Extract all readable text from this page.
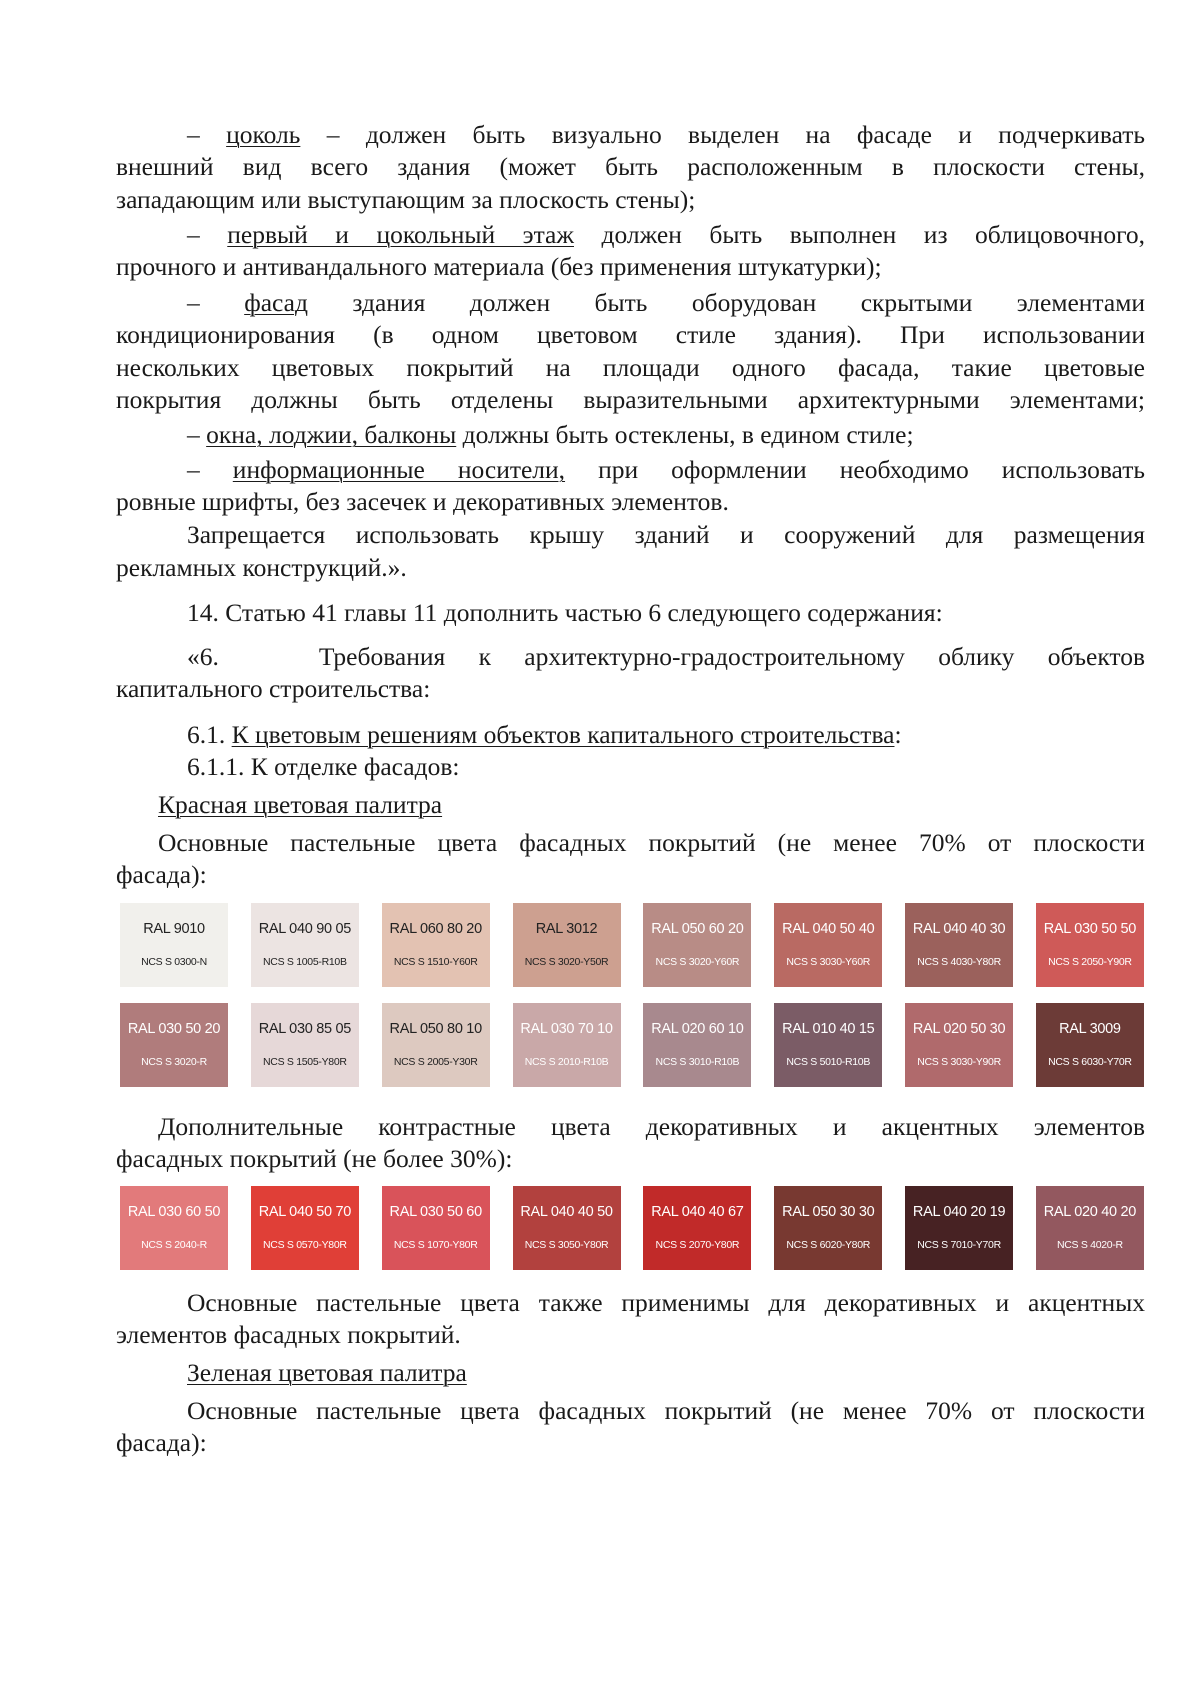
– цоколь – должен быть визуально выделен на фасаде и подчеркивать
внешний вид всего здания (может быть расположенным в плоскости стены,
западающим или выступающим за плоскость стены);
– первый и цокольный этаж должен быть выполнен из облицовочного,
прочного и антивандального материала (без применения штукатурки);
– фасад здания должен быть оборудован скрытыми элементами
кондиционирования (в одном цветовом стиле здания). При использовании
нескольких цветовых покрытий на площади одного фасада, такие цветовые
покрытия должны быть отделены выразительными архитектурными элементами;
– окна, лоджии, балконы должны быть остеклены, в едином стиле;
– информационные носители, при оформлении необходимо использовать
ровные шрифты, без засечек и декоративных элементов.
Запрещается использовать крышу зданий и сооружений для размещения
рекламных конструкций.».
14. Статью 41 главы 11 дополнить частью 6 следующего содержания:
«6.   Требования к архитектурно-градостроительному облику объектов
капитального строительства:
6.1. К цветовым решениям объектов капитального строительства:
6.1.1. К отделке фасадов:
Красная цветовая палитра
Основные пастельные цвета фасадных покрытий (не менее 70% от плоскости
фасада):
RAL 9010
NCS S 0300-N
RAL 040 90 05
NCS S 1005-R10B
RAL 060 80 20
NCS S 1510-Y60R
RAL 3012
NCS S 3020-Y50R
RAL 050 60 20
NCS S 3020-Y60R
RAL 040 50 40
NCS S 3030-Y60R
RAL 040 40 30
NCS S 4030-Y80R
RAL 030 50 50
NCS S 2050-Y90R
RAL 030 50 20
NCS S 3020-R
RAL 030 85 05
NCS S 1505-Y80R
RAL 050 80 10
NCS S 2005-Y30R
RAL 030 70 10
NCS S 2010-R10B
RAL 020 60 10
NCS S 3010-R10B
RAL 010 40 15
NCS S 5010-R10B
RAL 020 50 30
NCS S 3030-Y90R
RAL 3009
NCS S 6030-Y70R
Дополнительные контрастные цвета декоративных и акцентных элементов
фасадных покрытий (не более 30%):
RAL 030 60 50
NCS S 2040-R
RAL 040 50 70
NCS S 0570-Y80R
RAL 030 50 60
NCS S 1070-Y80R
RAL 040 40 50
NCS S 3050-Y80R
RAL 040 40 67
NCS S 2070-Y80R
RAL 050 30 30
NCS S 6020-Y80R
RAL 040 20 19
NCS S 7010-Y70R
RAL 020 40 20
NCS S 4020-R
Основные пастельные цвета также применимы для декоративных и акцентных
элементов фасадных покрытий.
Зеленая цветовая палитра
Основные пастельные цвета фасадных покрытий (не менее 70% от плоскости
фасада):
